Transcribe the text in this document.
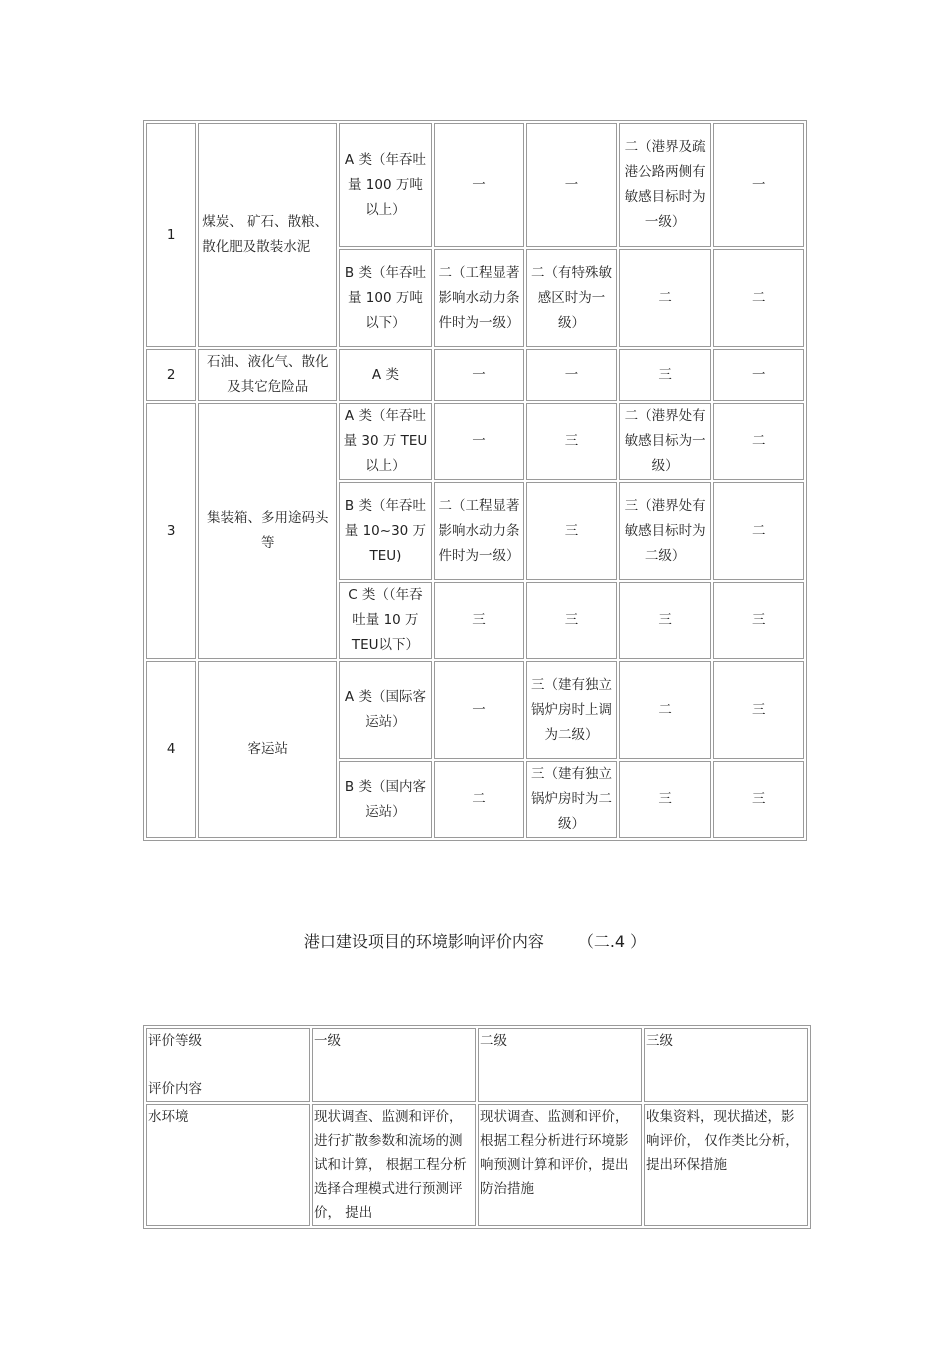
1	煤炭、 矿石、散粮、散化肥及散装水泥	A 类（年吞吐量 100 万吨以上）	一	一	二（港界及疏港公路两侧有敏感目标时为一级）	一
		B 类（年吞吐量 100 万吨以下）	二（工程显著影响水动力条件时为一级）	二（有特殊敏感区时为一级）	二	二
2	石油、液化气、散化及其它危险品	A 类	一	一	三	一
3	集装箱、多用途码头等	A 类（年吞吐量 30 万 TEU 以上）	一	三	二（港界处有敏感目标为一级）	二
		B 类（年吞吐量 10~30 万 TEU)	二（工程显著影响水动力条件时为一级）	三	三（港界处有敏感目标时为二级）	二
		C 类（（年吞吐量 10 万 TEU以下）	三	三	三	三
4	客运站	A 类（国际客运站）	一	三（建有独立锅炉房时上调为二级）	二	三
		B 类（国内客运站）	二	三（建有独立锅炉房时为二级）	三	三
港口建设项目的环境影响评价内容 （二.4 ）
评价等级
评价内容	一级	二级	三级
水环境	现状调查、监测和评价，进行扩散参数和流场的测试和计算， 根据工程分析选择合理模式进行预测评价， 提出	现状调查、监测和评价，根据工程分析进行环境影响预测计算和评价，提出防治措施	收集资料，现状描述，影响评价， 仅作类比分析，提出环保措施
